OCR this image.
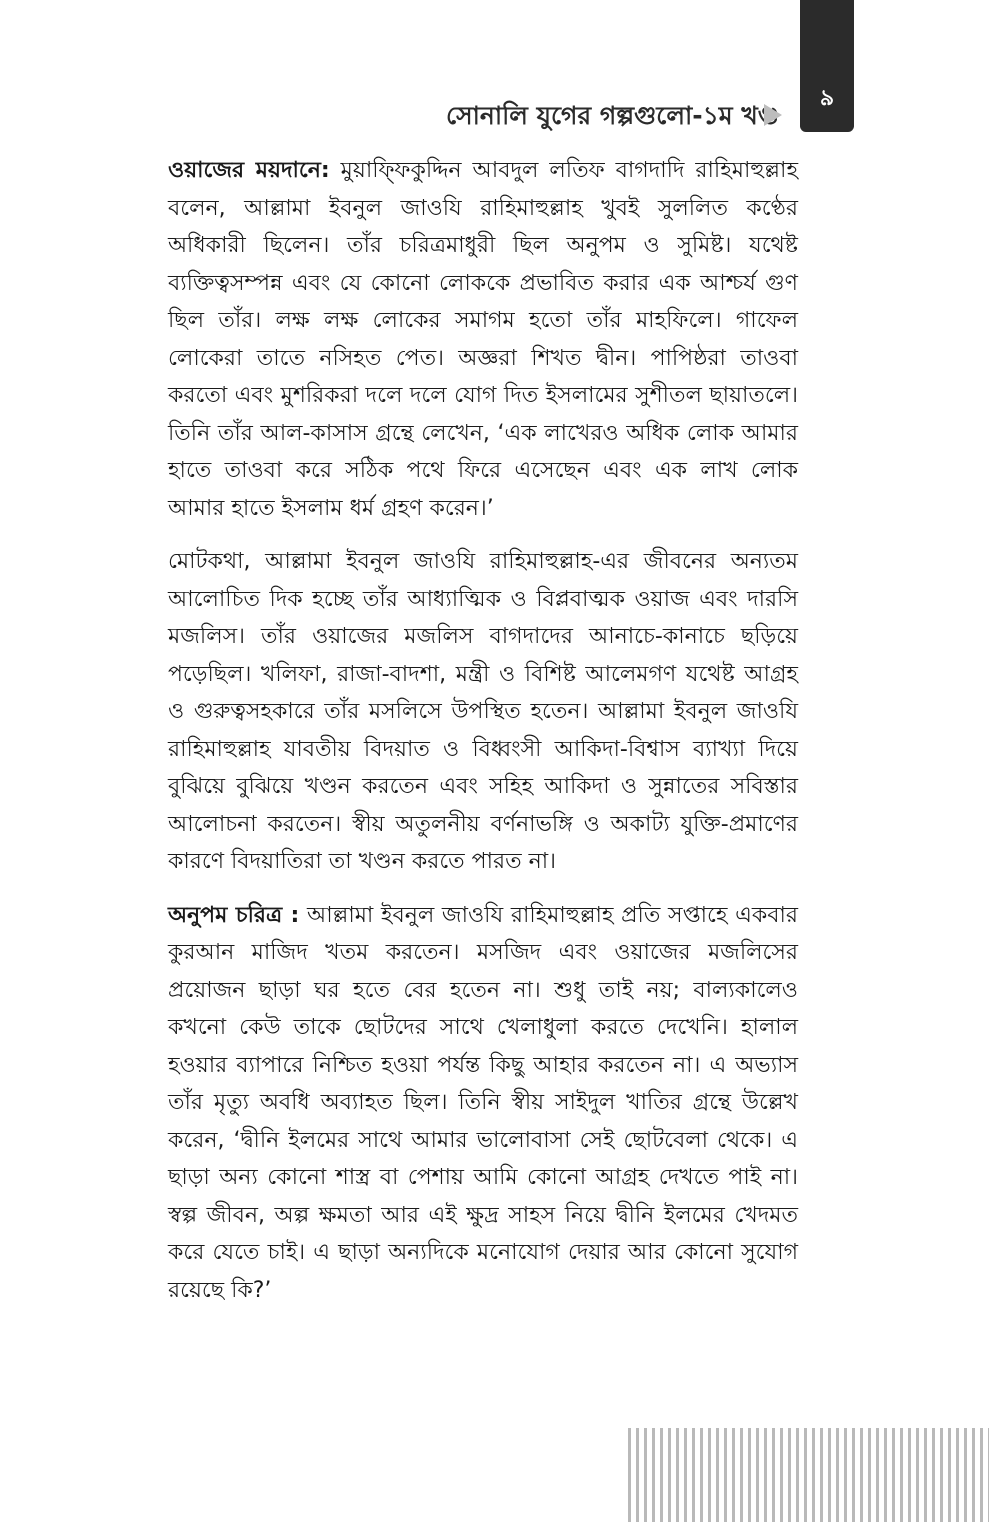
৯
সোনালি যুগের গল্পগুলো-১ম খণ্ড

ওয়াজের ময়দানে: মুয়াফ্ফিকুদ্দিন আবদুল লতিফ বাগদাদি রাহিমাহুল্লাহ বলেন, আল্লামা ইবনুল জাওযি রাহিমাহুল্লাহ খুবই সুললিত কণ্ঠের অধিকারী ছিলেন। তাঁর চরিত্রমাধুরী ছিল অনুপম ও সুমিষ্ট। যথেষ্ট ব্যক্তিত্বসম্পন্ন এবং যে কোনো লোককে প্রভাবিত করার এক আশ্চর্য গুণ ছিল তাঁর। লক্ষ লক্ষ লোকের সমাগম হতো তাঁর মাহফিলে। গাফেল লোকেরা তাতে নসিহত পেত। অজ্ঞরা শিখত দ্বীন। পাপিষ্ঠরা তাওবা করতো এবং মুশরিকরা দলে দলে যোগ দিত ইসলামের সুশীতল ছায়াতলে। তিনি তাঁর আল-কাসাস গ্রন্থে লেখেন, ‘এক লাখেরও অধিক লোক আমার হাতে তাওবা করে সঠিক পথে ফিরে এসেছেন এবং এক লাখ লোক আমার হাতে ইসলাম ধর্ম গ্রহণ করেন।’

মোটকথা, আল্লামা ইবনুল জাওযি রাহিমাহুল্লাহ-এর জীবনের অন্যতম আলোচিত দিক হচ্ছে তাঁর আধ্যাত্মিক ও বিপ্লবাত্মক ওয়াজ এবং দারসি মজলিস। তাঁর ওয়াজের মজলিস বাগদাদের আনাচে-কানাচে ছড়িয়ে পড়েছিল। খলিফা, রাজা-বাদশা, মন্ত্রী ও বিশিষ্ট আলেমগণ যথেষ্ট আগ্রহ ও গুরুত্বসহকারে তাঁর মসলিসে উপস্থিত হতেন। আল্লামা ইবনুল জাওযি রাহিমাহুল্লাহ যাবতীয় বিদয়াত ও বিধ্বংসী আকিদা-বিশ্বাস ব্যাখ্যা দিয়ে বুঝিয়ে বুঝিয়ে খণ্ডন করতেন এবং সহিহ আকিদা ও সুন্নাতের সবিস্তার আলোচনা করতেন। স্বীয় অতুলনীয় বর্ণনাভঙ্গি ও অকাট্য যুক্তি-প্রমাণের কারণে বিদয়াতিরা তা খণ্ডন করতে পারত না।

অনুপম চরিত্র : আল্লামা ইবনুল জাওযি রাহিমাহুল্লাহ প্রতি সপ্তাহে একবার কুরআন মাজিদ খতম করতেন। মসজিদ এবং ওয়াজের মজলিসের প্রয়োজন ছাড়া ঘর হতে বের হতেন না। শুধু তাই নয়; বাল্যকালেও কখনো কেউ তাকে ছোটদের সাথে খেলাধুলা করতে দেখেনি। হালাল হওয়ার ব্যাপারে নিশ্চিত হওয়া পর্যন্ত কিছু আহার করতেন না। এ অভ্যাস তাঁর মৃত্যু অবধি অব্যাহত ছিল। তিনি স্বীয় সাইদুল খাতির গ্রন্থে উল্লেখ করেন, ‘দ্বীনি ইলমের সাথে আমার ভালোবাসা সেই ছোটবেলা থেকে। এ ছাড়া অন্য কোনো শাস্ত্র বা পেশায় আমি কোনো আগ্রহ দেখতে পাই না। স্বল্প জীবন, অল্প ক্ষমতা আর এই ক্ষুদ্র সাহস নিয়ে দ্বীনি ইলমের খেদমত করে যেতে চাই। এ ছাড়া অন্যদিকে মনোযোগ দেয়ার আর কোনো সুযোগ রয়েছে কি?’
